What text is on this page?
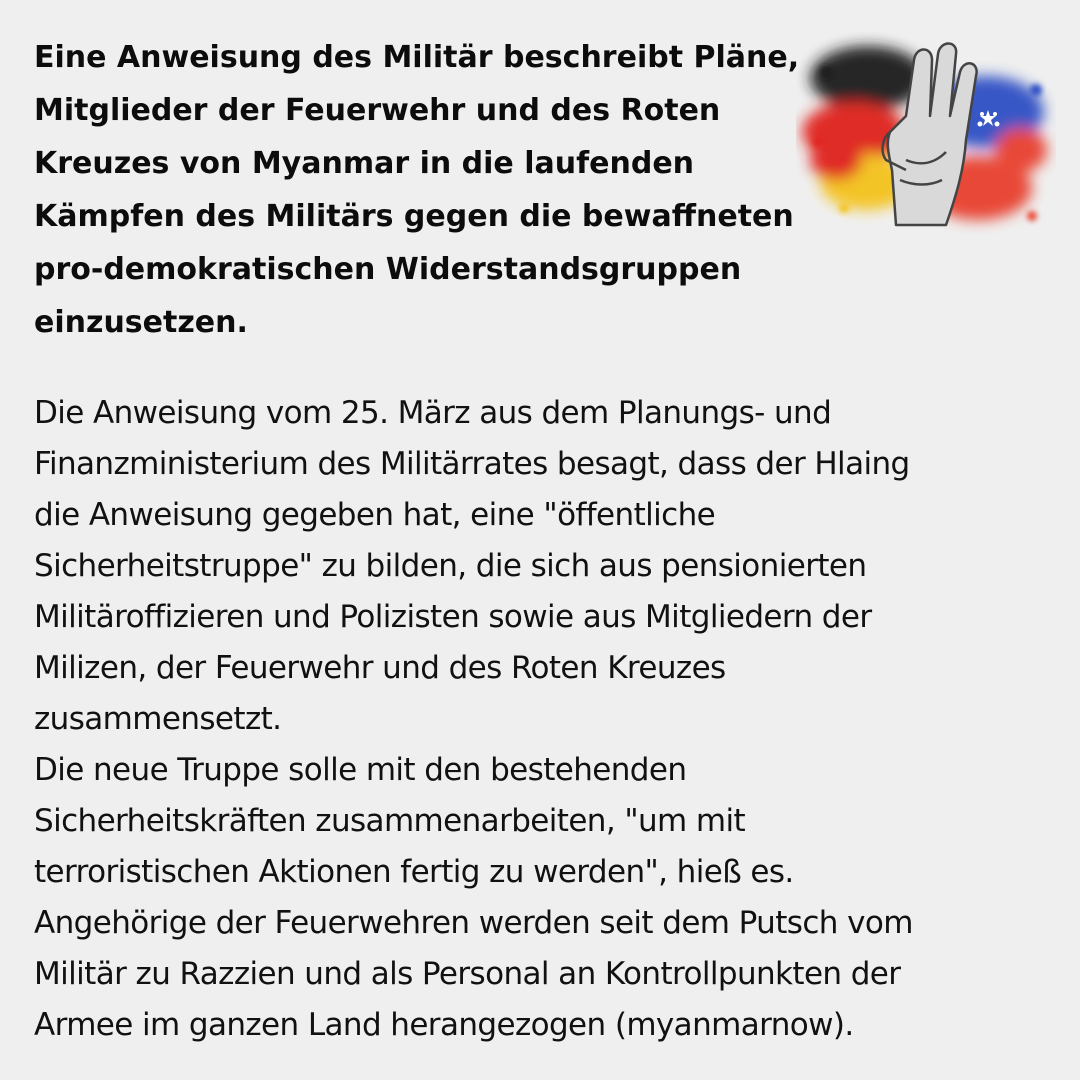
Eine Anweisung des Militär beschreibt Pläne,
Mitglieder der Feuerwehr und des Roten
Kreuzes von Myanmar in die laufenden
Kämpfen des Militärs gegen die bewaffneten
pro-demokratischen Widerstandsgruppen
einzusetzen.

Die Anweisung vom 25. März aus dem Planungs- und
Finanzministerium des Militärrates besagt, dass der Hlaing
die Anweisung gegeben hat, eine "öffentliche
Sicherheitstruppe" zu bilden, die sich aus pensionierten
Militäroffizieren und Polizisten sowie aus Mitgliedern der
Milizen, der Feuerwehr und des Roten Kreuzes
zusammensetzt.
Die neue Truppe solle mit den bestehenden
Sicherheitskräften zusammenarbeiten, "um mit
terroristischen Aktionen fertig zu werden", hieß es.
Angehörige der Feuerwehren werden seit dem Putsch vom
Militär zu Razzien und als Personal an Kontrollpunkten der
Armee im ganzen Land herangezogen (myanmarnow).
